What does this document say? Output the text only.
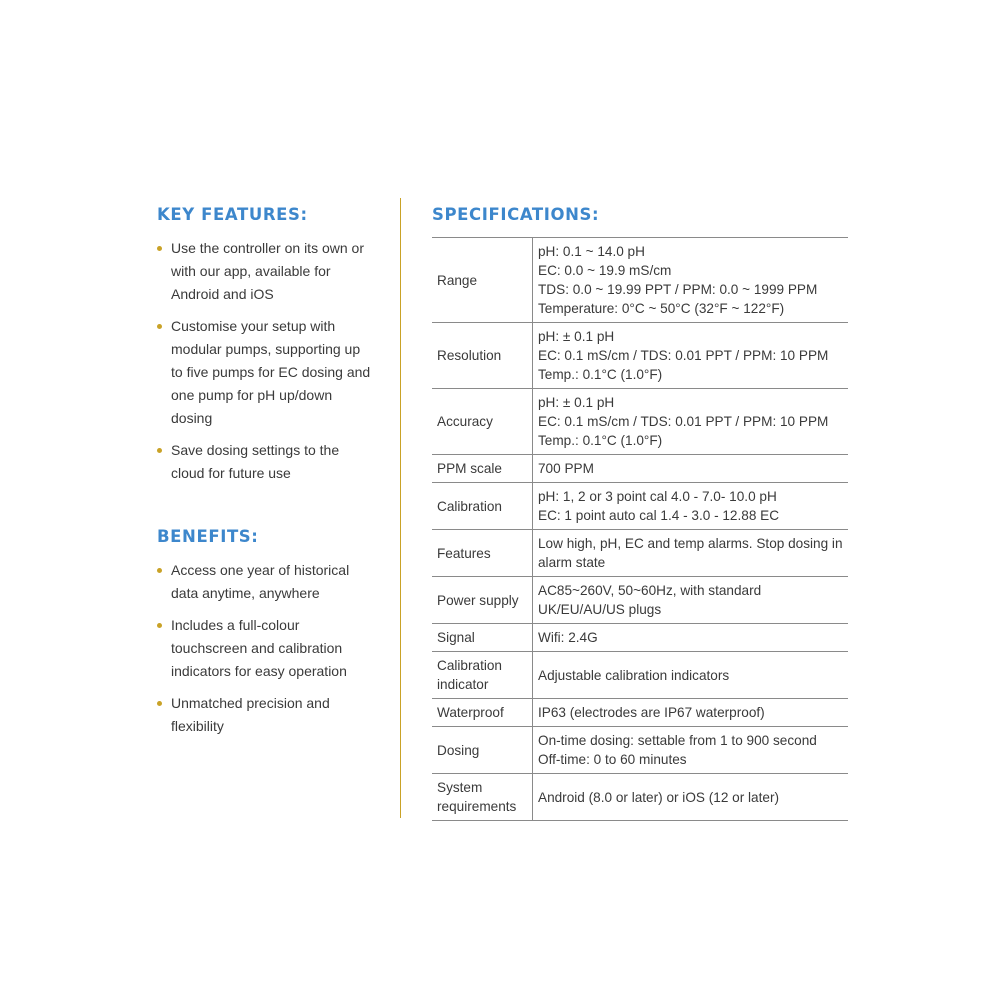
KEY FEATURES:
Use the controller on its own or with our app, available for Android and iOS
Customise your setup with modular pumps, supporting up to five pumps for EC dosing and one pump for pH up/down dosing
Save dosing settings to the cloud for future use
BENEFITS:
Access one year of historical data anytime, anywhere
Includes a full-colour touchscreen and calibration indicators for easy operation
Unmatched precision and flexibility
SPECIFICATIONS:
Range	pH: 0.1 ~ 14.0 pH
EC: 0.0 ~ 19.9 mS/cm
TDS: 0.0 ~ 19.99 PPT / PPM: 0.0 ~ 1999 PPM
Temperature: 0°C ~ 50°C (32°F ~ 122°F)

Resolution	pH: ± 0.1 pH
EC: 0.1 mS/cm / TDS: 0.01 PPT / PPM: 10 PPM
Temp.: 0.1°C (1.0°F)

Accuracy	pH: ± 0.1 pH
EC: 0.1 mS/cm / TDS: 0.01 PPT / PPM: 10 PPM
Temp.: 0.1°C (1.0°F)

PPM scale	700 PPM

Calibration	pH: 1, 2 or 3 point cal 4.0 - 7.0- 10.0 pH
EC: 1 point auto cal 1.4 - 3.0 - 12.88 EC

Features	Low high, pH, EC and temp alarms. Stop dosing in alarm state

Power supply	AC85~260V, 50~60Hz, with standard UK/EU/AU/US plugs

Signal	Wifi: 2.4G

Calibration indicator	Adjustable calibration indicators

Waterproof	IP63 (electrodes are IP67 waterproof)

Dosing	On-time dosing: settable from 1 to 900 second
Off-time: 0 to 60 minutes

System requirements	Android (8.0 or later) or iOS (12 or later)
